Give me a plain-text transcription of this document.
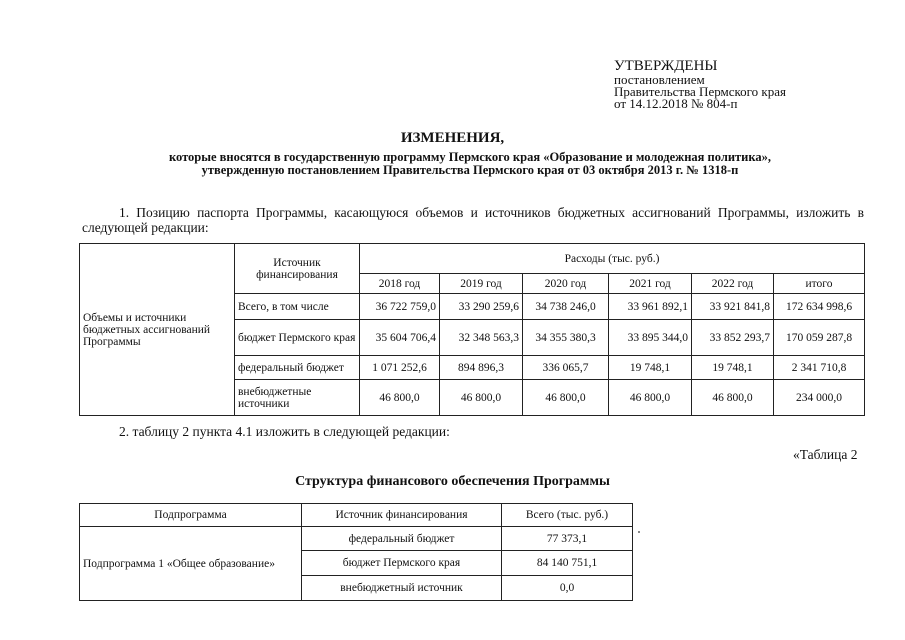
УТВЕРЖДЕНЫ
постановлением
Правительства Пермского края
от 14.12.2018 № 804-п
ИЗМЕНЕНИЯ,
которые вносятся в государственную программу Пермского края «Образование и молодежная политика»,
утвержденную постановлением Правительства Пермского края от 03 октября 2013 г. № 1318-п
1. Позицию паспорта Программы, касающуюся объемов и источников бюджетных ассигнований Программы, изложить в следующей редакции:
Объемы и источники бюджетных ассигнований Программы	Источник финансирования	Расходы (тыс. руб.)					
		2018 год	2019 год	2020 год	2021 год	2022 год	итого
	Всего, в том числе	36 722 759,0	33 290 259,6	34 738 246,0	33 961 892,1	33 921 841,8	172 634 998,6
	бюджет Пермского края	35 604 706,4	32 348 563,3	34 355 380,3	33 895 344,0	33 852 293,7	170 059 287,8
	федеральный бюджет	1 071 252,6	894 896,3	336 065,7	19 748,1	19 748,1	2 341 710,8
	внебюджетные источники	46 800,0	46 800,0	46 800,0	46 800,0	46 800,0	234 000,0
2. таблицу 2 пункта 4.1 изложить в следующей редакции:
«Таблица 2
Структура финансового обеспечения Программы
Подпрограмма	Источник финансирования	Всего (тыс. руб.)
Подпрограмма 1 «Общее образование»	федеральный бюджет	77 373,1
	бюджет Пермского края	84 140 751,1
	внебюджетный источник	0,0
